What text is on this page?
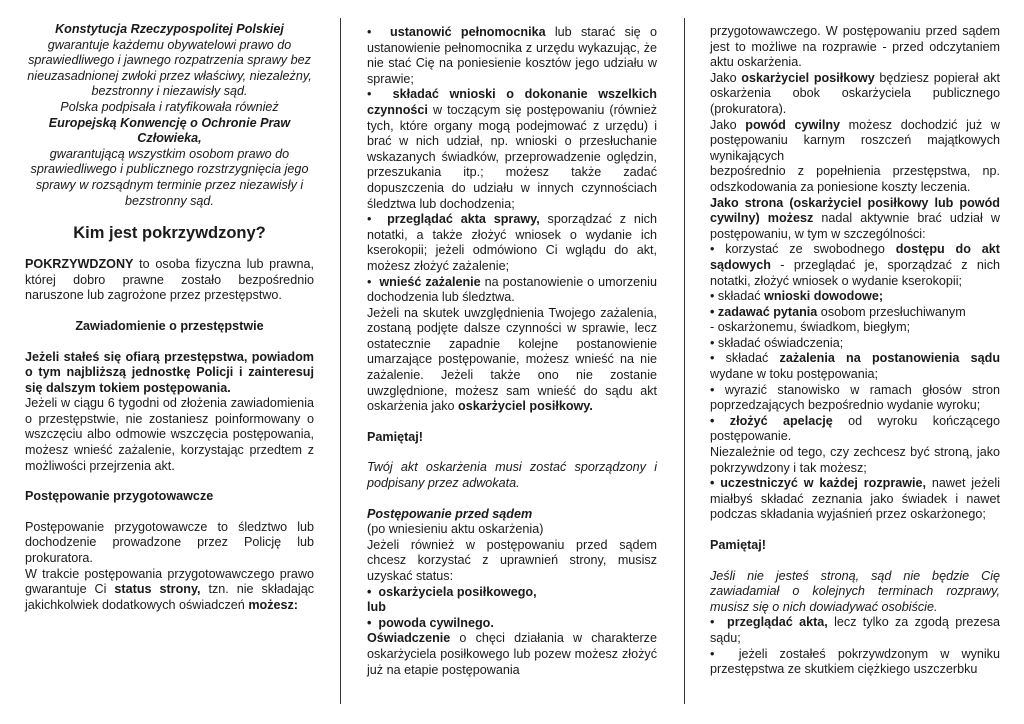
Konstytucja Rzeczypospolitej Polskiej

gwarantuje każdemu obywatelowi prawo do sprawiedliwego i jawnego rozpatrzenia sprawy bez nieuzasadnionej zwłoki przez właściwy, niezależny, bezstronny i niezawisły sąd.

Polska podpisała i ratyfikowała również

Europejską Konwencję o Ochronie Praw Człowieka,

gwarantującą wszystkim osobom prawo do sprawiedliwego i publicznego rozstrzygnięcia jego sprawy w rozsądnym terminie przez niezawisły i bezstronny sąd.

Kim jest pokrzywdzony?

POKRZYWDZONY to osoba fizyczna lub prawna, której dobro prawne zostało bezpośrednio naruszone lub zagrożone przez przestępstwo.

Zawiadomienie o przestępstwie

Jeżeli stałeś się ofiarą przestępstwa, powiadom o tym najbliższą jednostkę Policji i zainteresuj się dalszym tokiem postępowania.

Jeżeli w ciągu 6 tygodni od złożenia zawiadomienia o przestępstwie, nie zostaniesz poinformowany o wszczęciu albo odmowie wszczęcia postępowania, możesz wnieść zażalenie, korzystając przedtem z możliwości przejrzenia akt.

Postępowanie przygotowawcze

Postępowanie przygotowawcze to śledztwo lub dochodzenie prowadzone przez Policję lub prokuratora.

W trakcie postępowania przygotowawczego prawo gwarantuje Ci status strony, tzn. nie składając jakichkolwiek dodatkowych oświadczeń możesz:

•  ustanowić pełnomocnika lub starać się o ustanowienie pełnomocnika z urzędu wykazując, że nie stać Cię na poniesienie kosztów jego udziału w sprawie;

•  składać wnioski o dokonanie wszelkich czynności w toczącym się postępowaniu (również tych, które organy mogą podejmować z urzędu) i brać w nich udział, np. wnioski o przesłuchanie wskazanych świadków, przeprowadzenie oględzin, przeszukania itp.; możesz także zadać dopuszczenia do udziału w innych czynnościach śledztwa lub dochodzenia;

•  przeglądać akta sprawy, sporządzać z nich notatki, a także złożyć wniosek o wydanie ich kserokopii; jeżeli odmówiono Ci wglądu do akt, możesz złożyć zażalenie;

•  wnieść zażalenie na postanowienie o umorzeniu dochodzenia lub śledztwa.

Jeżeli na skutek uwzględnienia Twojego zażalenia, zostaną podjęte dalsze czynności w sprawie, lecz ostatecznie zapadnie kolejne postanowienie umarzające postępowanie, możesz wnieść na nie zażalenie. Jeżeli także ono nie zostanie uwzględnione, możesz sam wnieść do sądu akt oskarżenia jako oskarżyciel posiłkowy.

Pamiętaj!

Twój akt oskarżenia musi zostać sporządzony i podpisany przez adwokata.

Postępowanie przed sądem

(po wniesieniu aktu oskarżenia)

Jeżeli również w postępowaniu przed sądem chcesz korzystać z uprawnień strony, musisz uzyskać status:

•  oskarżyciela posiłkowego,

lub

•  powoda cywilnego.

Oświadczenie o chęci działania w charakterze oskarżyciela posiłkowego lub pozew możesz złożyć już na etapie postępowania

przygotowawczego. W postępowaniu przed sądem jest to możliwe na rozprawie - przed odczytaniem aktu oskarżenia.

Jako oskarżyciel posiłkowy będziesz popierał akt oskarżenia obok oskarżyciela publicznego (prokuratora).

Jako powód cywilny możesz dochodzić już w postępowaniu karnym roszczeń majątkowych wynikających

bezpośrednio z popełnienia przestępstwa, np. odszkodowania za poniesione koszty leczenia.

Jako strona (oskarżyciel posiłkowy lub powód cywilny) możesz nadal aktywnie brać udział w postępowaniu, w tym w szczególności:

• korzystać ze swobodnego dostępu do akt sądowych - przeglądać je, sporządzać z nich notatki, złożyć wniosek o wydanie kserokopii;

• składać wnioski dowodowe;

• zadawać pytania osobom przesłuchiwanym

- oskarżonemu, świadkom, biegłym;

• składać oświadczenia;

• składać zażalenia na postanowienia sądu wydane w toku postępowania;

• wyrazić stanowisko w ramach głosów stron poprzedzających bezpośrednio wydanie wyroku;

• złożyć apelację od wyroku kończącego postępowanie.

Niezależnie od tego, czy zechcesz być stroną, jako pokrzywdzony i tak możesz;

• uczestniczyć w każdej rozprawie, nawet jeżeli miałbyś składać zeznania jako świadek i nawet podczas składania wyjaśnień przez oskarżonego;

Pamiętaj!

Jeśli nie jesteś stroną, sąd nie będzie Cię zawiadamiał o kolejnych terminach rozprawy, musisz się o nich dowiadywać osobiście.

•  przeglądać akta, lecz tylko za zgodą prezesa sądu;

•  jeżeli zostałeś pokrzywdzonym w wyniku przestępstwa ze skutkiem ciężkiego uszczerbku
